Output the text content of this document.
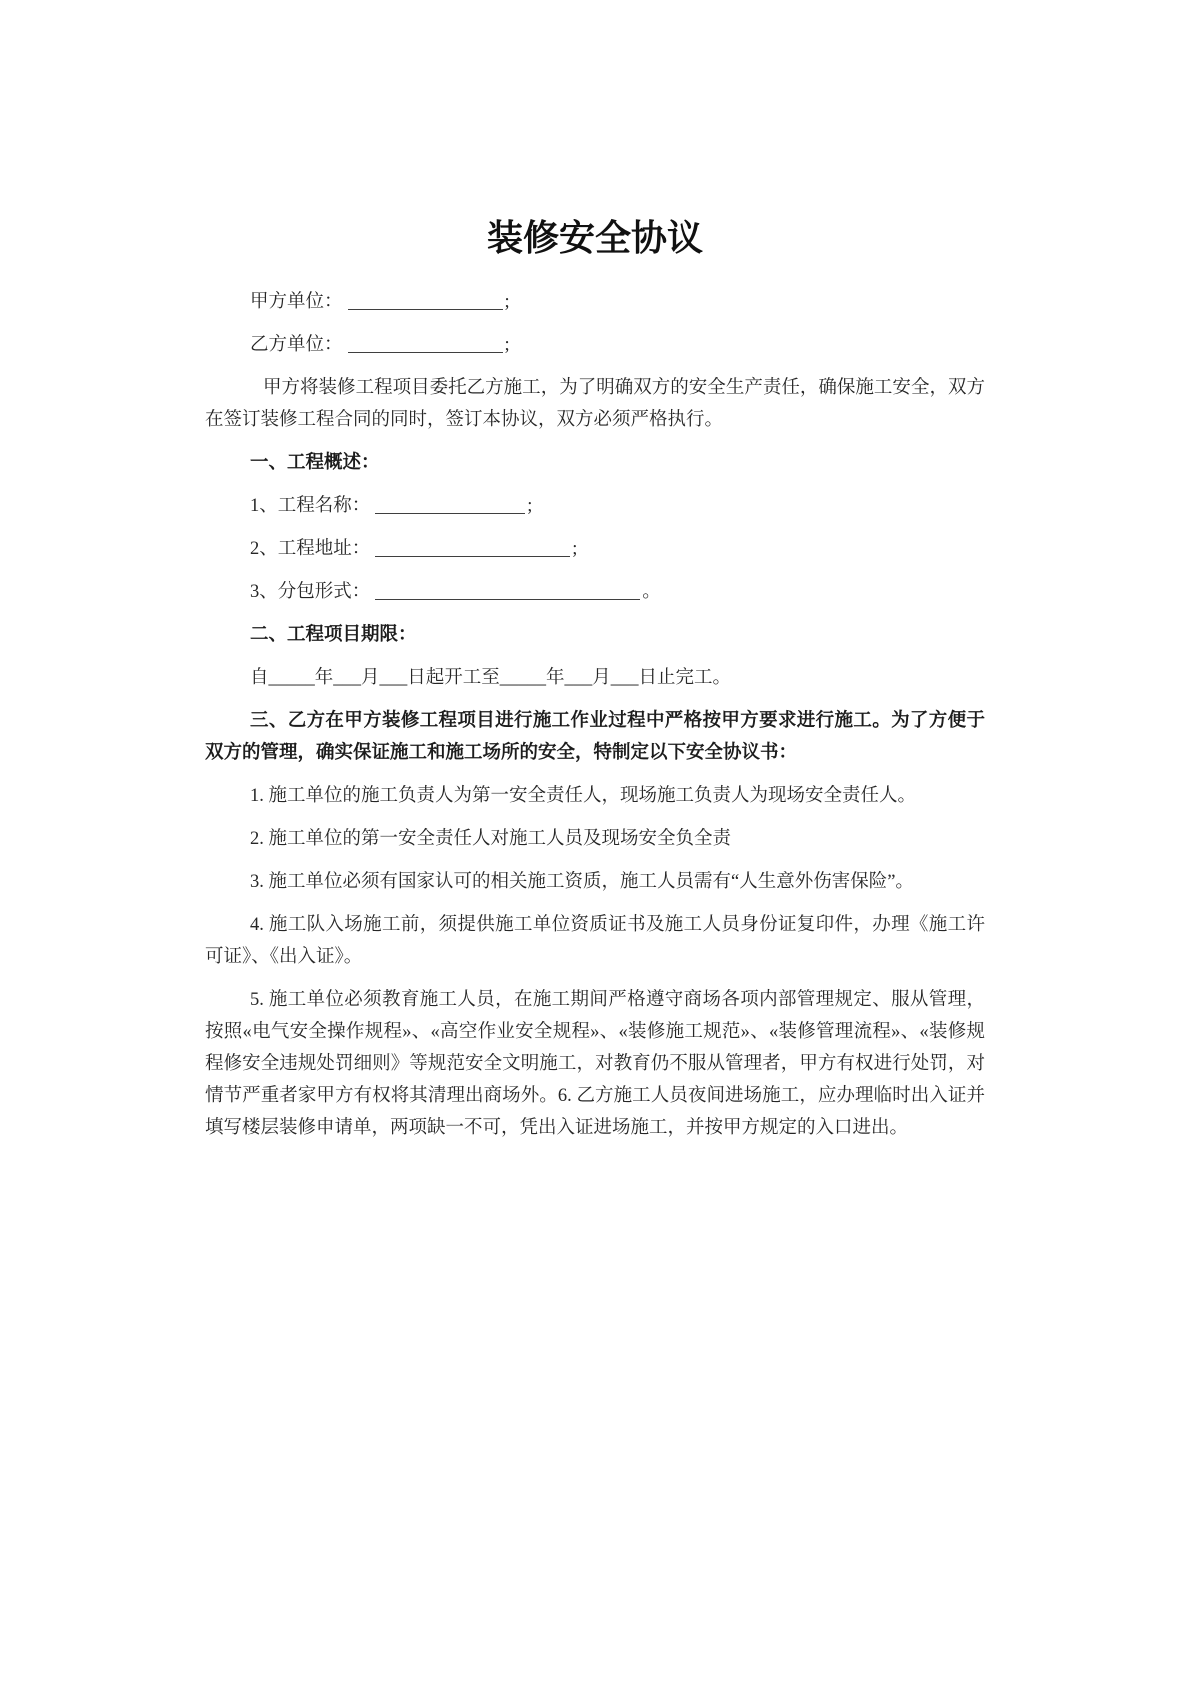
装修安全协议
甲方单位：	;
乙方单位：	;

甲方将装修工程项目委托乙方施工，为了明确双方的安全生产责任，确保施工安全，双方在签订装修工程合同的同时，签订本协议，双方必须严格执行。

一、工程概述：
1、工程名称：	;
2、工程地址：	;
3、分包形式：	。
二、工程项目期限：
自_____年___月___日起开工至_____年___月___日止完工。

三、乙方在甲方装修工程项目进行施工作业过程中严格按甲方要求进行施工。为了方便于双方的管理，确实保证施工和施工场所的安全，特制定以下安全协议书：

1. 施工单位的施工负责人为第一安全责任人，现场施工负责人为现场安全责任人。

2. 施工单位的第一安全责任人对施工人员及现场安全负全责

3. 施工单位必须有国家认可的相关施工资质，施工人员需有“人生意外伤害保险”。

4. 施工队入场施工前，须提供施工单位资质证书及施工人员身份证复印件，办理《施工许可证》、《出入证》。

5. 施工单位必须教育施工人员，在施工期间严格遵守商场各项内部管理规定、服从管理，按照«电气安全操作规程»、«高空作业安全规程»、«装修施工规范»、«装修管理流程»、«装修规程修安全违规处罚细则》等规范安全文明施工，对教育仍不服从管理者，甲方有权进行处罚，对情节严重者家甲方有权将其清理出商场外。6. 乙方施工人员夜间进场施工，应办理临时出入证并填写楼层装修申请单，两项缺一不可，凭出入证进场施工，并按甲方规定的入口进出。
